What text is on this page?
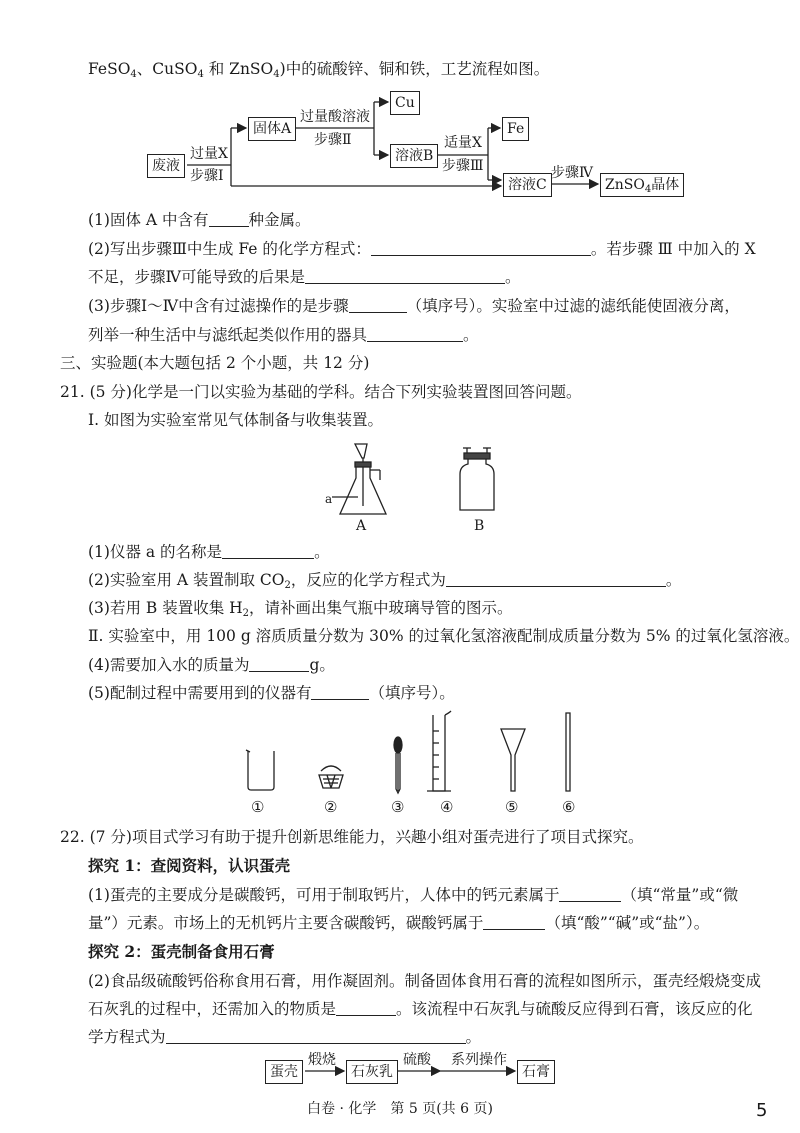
FeSO$_4$、CuSO$_4$ 和 ZnSO$_4$)中的硫酸锌、铜和铁，工艺流程如图。
废液
过量X
步骤Ⅰ
固体A
过量酸溶液
步骤Ⅱ
Cu
溶液B
适量X
步骤Ⅲ
Fe
溶液C
步骤Ⅳ
ZnSO$_4$晶体
(1)固体 A 中含有	种金属。
(2)写出步骤Ⅲ中生成 Fe 的化学方程式：	。若步骤 Ⅲ 中加入的 X
不足，步骤Ⅳ可能导致的后果是	。
(3)步骤Ⅰ～Ⅳ中含有过滤操作的是步骤	（填序号）。实验室中过滤的滤纸能使固液分离，
列举一种生活中与滤纸起类似作用的器具	。
三、实验题(本大题包括 2 个小题，共 12 分)
21. (5 分)化学是一门以实验为基础的学科。结合下列实验装置图回答问题。
Ⅰ. 如图为实验室常见气体制备与收集装置。
a
A	B
(1)仪器 a 的名称是	。
(2)实验室用 A 装置制取 $CO_2$，反应的化学方程式为	。
(3)若用 B 装置收集 $H_2$，请补画出集气瓶中玻璃导管的图示。
Ⅱ. 实验室中，用 100 g 溶质质量分数为 30% 的过氧化氢溶液配制成质量分数为 5% 的过氧化氢溶液。
(4)需要加入水的质量为	g。
(5)配制过程中需要用到的仪器有	（填序号）。
①	②	③ ④	⑤	⑥
22. (7 分)项目式学习有助于提升创新思维能力，兴趣小组对蛋壳进行了项目式探究。
探究 1：查阅资料，认识蛋壳
(1)蛋壳的主要成分是碳酸钙，可用于制取钙片，人体中的钙元素属于	（填“常量”或“微
量”）元素。市场上的无机钙片主要含碳酸钙，碳酸钙属于	（填“酸”“碱”或“盐”）。
探究 2：蛋壳制备食用石膏
(2)食品级硫酸钙俗称食用石膏，用作凝固剂。制备固体食用石膏的流程如图所示，蛋壳经煅烧变成
石灰乳的过程中，还需加入的物质是	。该流程中石灰乳与硫酸反应得到石膏，该反应的化
学方程式为	。
蛋壳
煅烧
石灰乳
硫酸 系列操作
石膏
白卷 · 化学　第 5 页(共 6 页)	5
